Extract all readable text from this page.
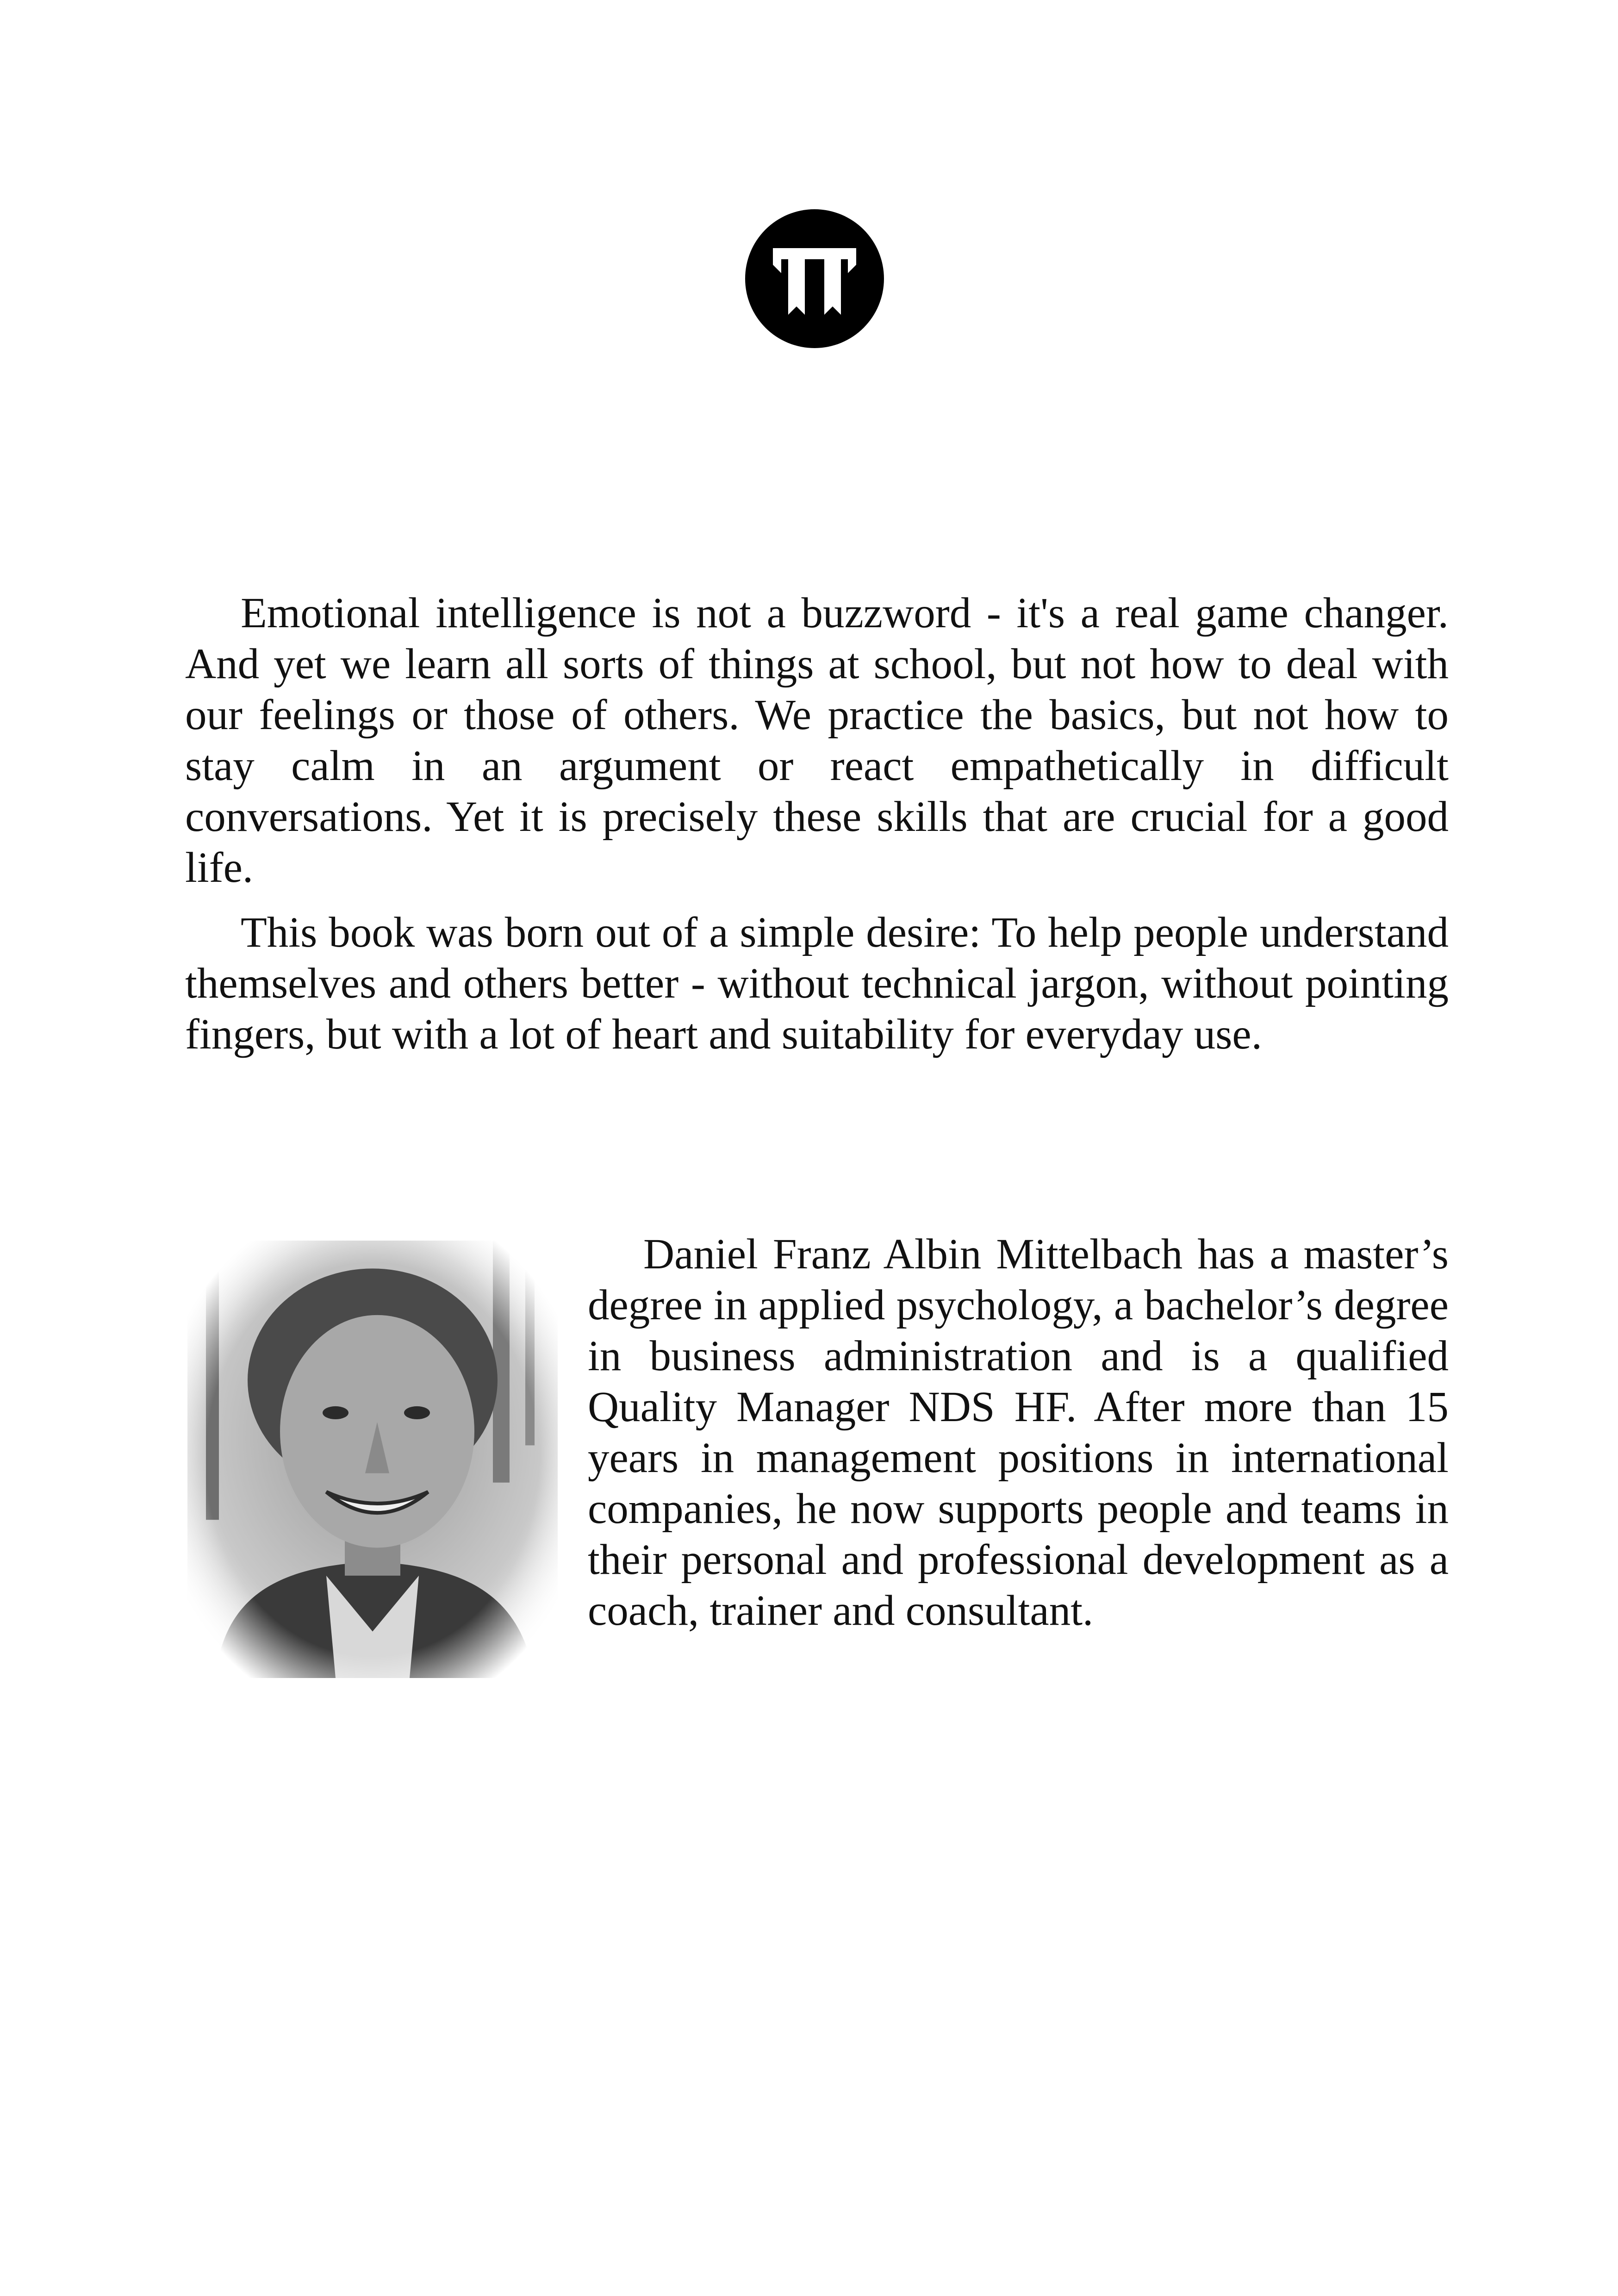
Emotional intelligence is not a buzzword - it's a real game changer. And yet we learn all sorts of things at school, but not how to deal with our feelings or those of others. We practice the basics, but not how to stay calm in an argument or react empathetically in difficult conversations. Yet it is precisely these skills that are crucial for a good life.

This book was born out of a simple desire: To help people understand themselves and others better - without technical jargon, without pointing fingers, but with a lot of heart and suitability for everyday use.

Daniel Franz Albin Mittelbach has a master’s degree in applied psychology, a bachelor’s degree in business administration and is a qualified Quality Manager NDS HF. After more than 15 years in management positions in international companies, he now supports people and teams in their personal and professional development as a coach, trainer and consultant.
